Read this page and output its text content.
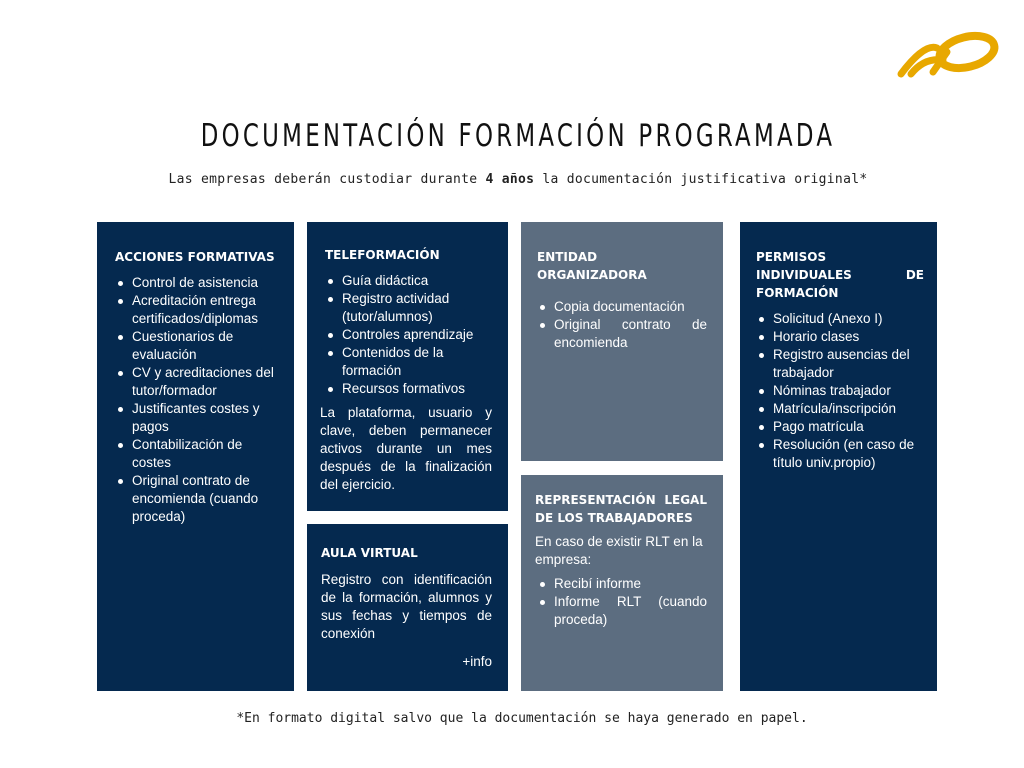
DOCUMENTACIÓN FORMACIÓN PROGRAMADA
Las empresas deberán custodiar durante 4 años la documentación justificativa original*
ACCIONES FORMATIVAS
Control de asistencia
Acreditación entrega certificados/diplomas
Cuestionarios de evaluación
CV y acreditaciones del tutor/formador
Justificantes costes y pagos
Contabilización de costes
Original contrato de encomienda (cuando proceda)
TELEFORMACIÓN
Guía didáctica
Registro actividad (tutor/alumnos)
Controles aprendizaje
Contenidos de la formación
Recursos formativos

La plataforma, usuario y clave, deben permanecer activos durante un mes después de la finalización del ejercicio.

AULA VIRTUAL

Registro con identificación de la formación, alumnos y sus fechas y tiempos de conexión

+info
ENTIDAD ORGANIZADORA
Copia documentación
Original contrato de encomienda
REPRESENTACIÓN LEGAL DE LOS TRABAJADORES

En caso de existir RLT en la empresa:

Recibí informe
Informe RLT (cuando proceda)
PERMISOS INDIVIDUALES DE FORMACIÓN
Solicitud (Anexo I)
Horario clases
Registro ausencias del trabajador
Nóminas trabajador
Matrícula/inscripción
Pago matrícula
Resolución (en caso de título univ.propio)
*En formato digital salvo que la documentación se haya generado en papel.
